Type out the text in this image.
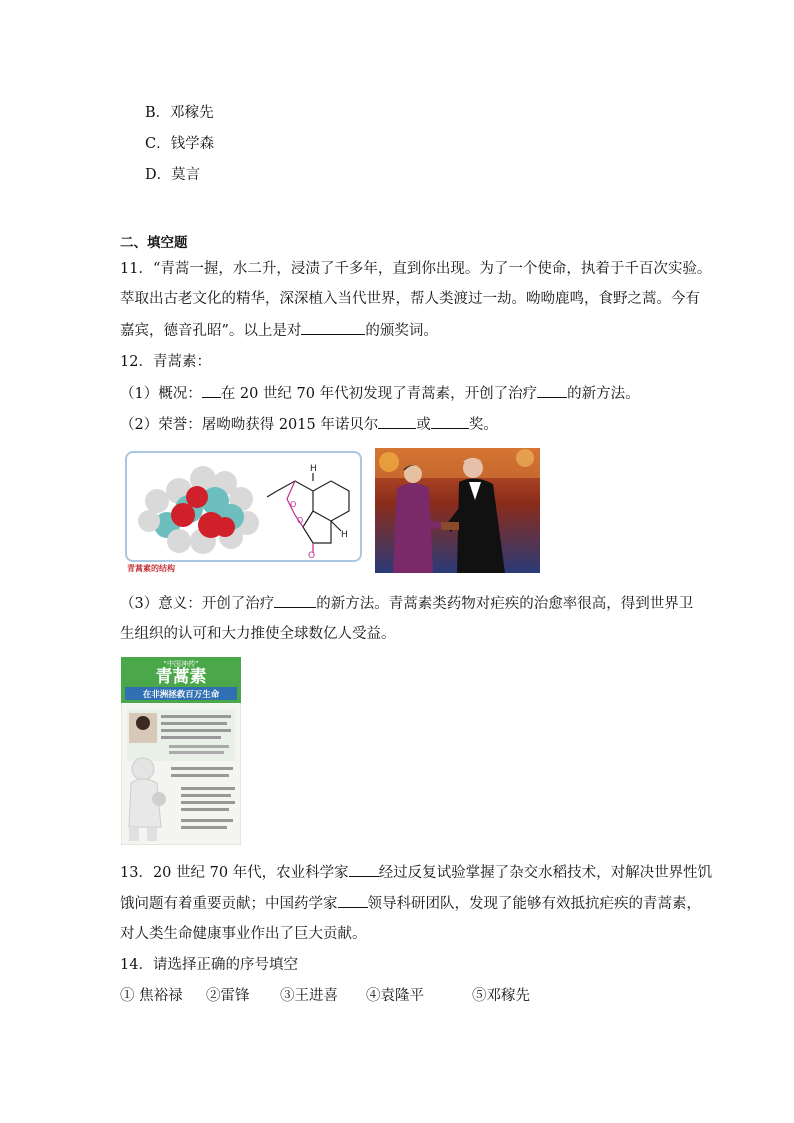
B．邓稼先
C．钱学森
D．莫言
二、填空题
11．“青蒿一握，水二升，浸渍了千多年，直到你出现。为了一个使命，执着于千百次实验。
萃取出古老文化的精华，深深植入当代世界，帮人类渡过一劫。呦呦鹿鸣，食野之蒿。今有
嘉宾，德音孔昭”。以上是对	的颁奖词。
12．青蒿素：
（1）概况： 在 20 世纪 70 年代初发现了青蒿素，开创了治疗 的新方法。
（2）荣誉：屠呦呦获得 2015 年诺贝尔	或	奖。
H
H
O
O
O
青蒿素的结构
（3）意义：开创了治疗	的新方法。青蒿素类药物对疟疾的治愈率很高，得到世界卫
生组织的认可和大力推使全球数亿人受益。
“中国神药”
青蒿素
在非洲拯救百万生命
13．20 世纪 70 年代，农业科学家 经过反复试验掌握了杂交水稻技术，对解决世界性饥
饿问题有着重要贡献；中国药学家 领导科研团队，发现了能够有效抵抗疟疾的青蒿素，
对人类生命健康事业作出了巨大贡献。
14．请选择正确的序号填空
① 焦裕禄 ②雷锋 ③王进喜 ④袁隆平	⑤邓稼先
